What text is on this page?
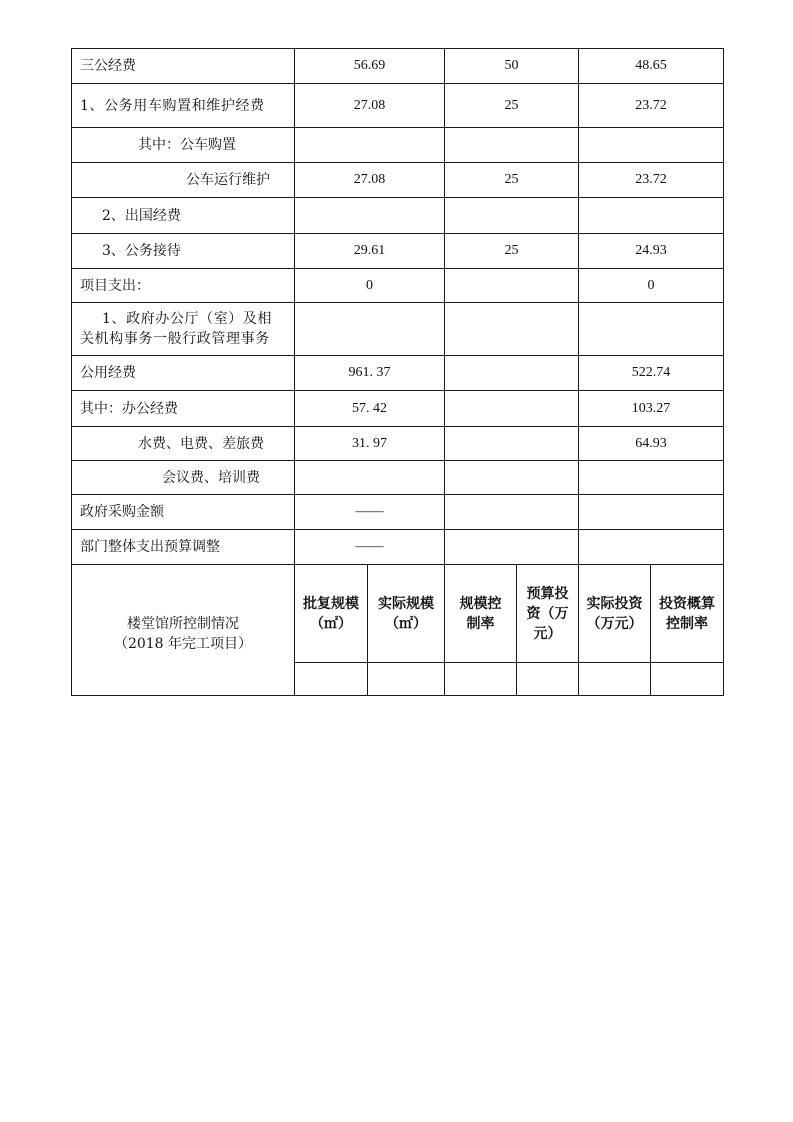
三公经费	56.69		50		48.65	
1、公务用车购置和维护经费	27.08		25		23.72	
其中：公车购置						
公车运行维护	27.08		25		23.72	
2、出国经费						
3、公务接待	29.61		25		24.93	
项目支出：	0				0	
1、政府办公厅（室）及相关机构事务一般行政管理事务						
公用经费	961. 37				522.74	
其中：办公经费	57. 42				103.27	
水费、电费、差旅费	31. 97				64.93	
会议费、培训费						
政府采购金额	——					
部门整体支出预算调整	——					

楼堂馆所控制情况
（2018 年完工项目）	批复规模（㎡）	实际规模（㎡）	规模控制率	预算投资（万元）	实际投资（万元）	投资概算控制率
